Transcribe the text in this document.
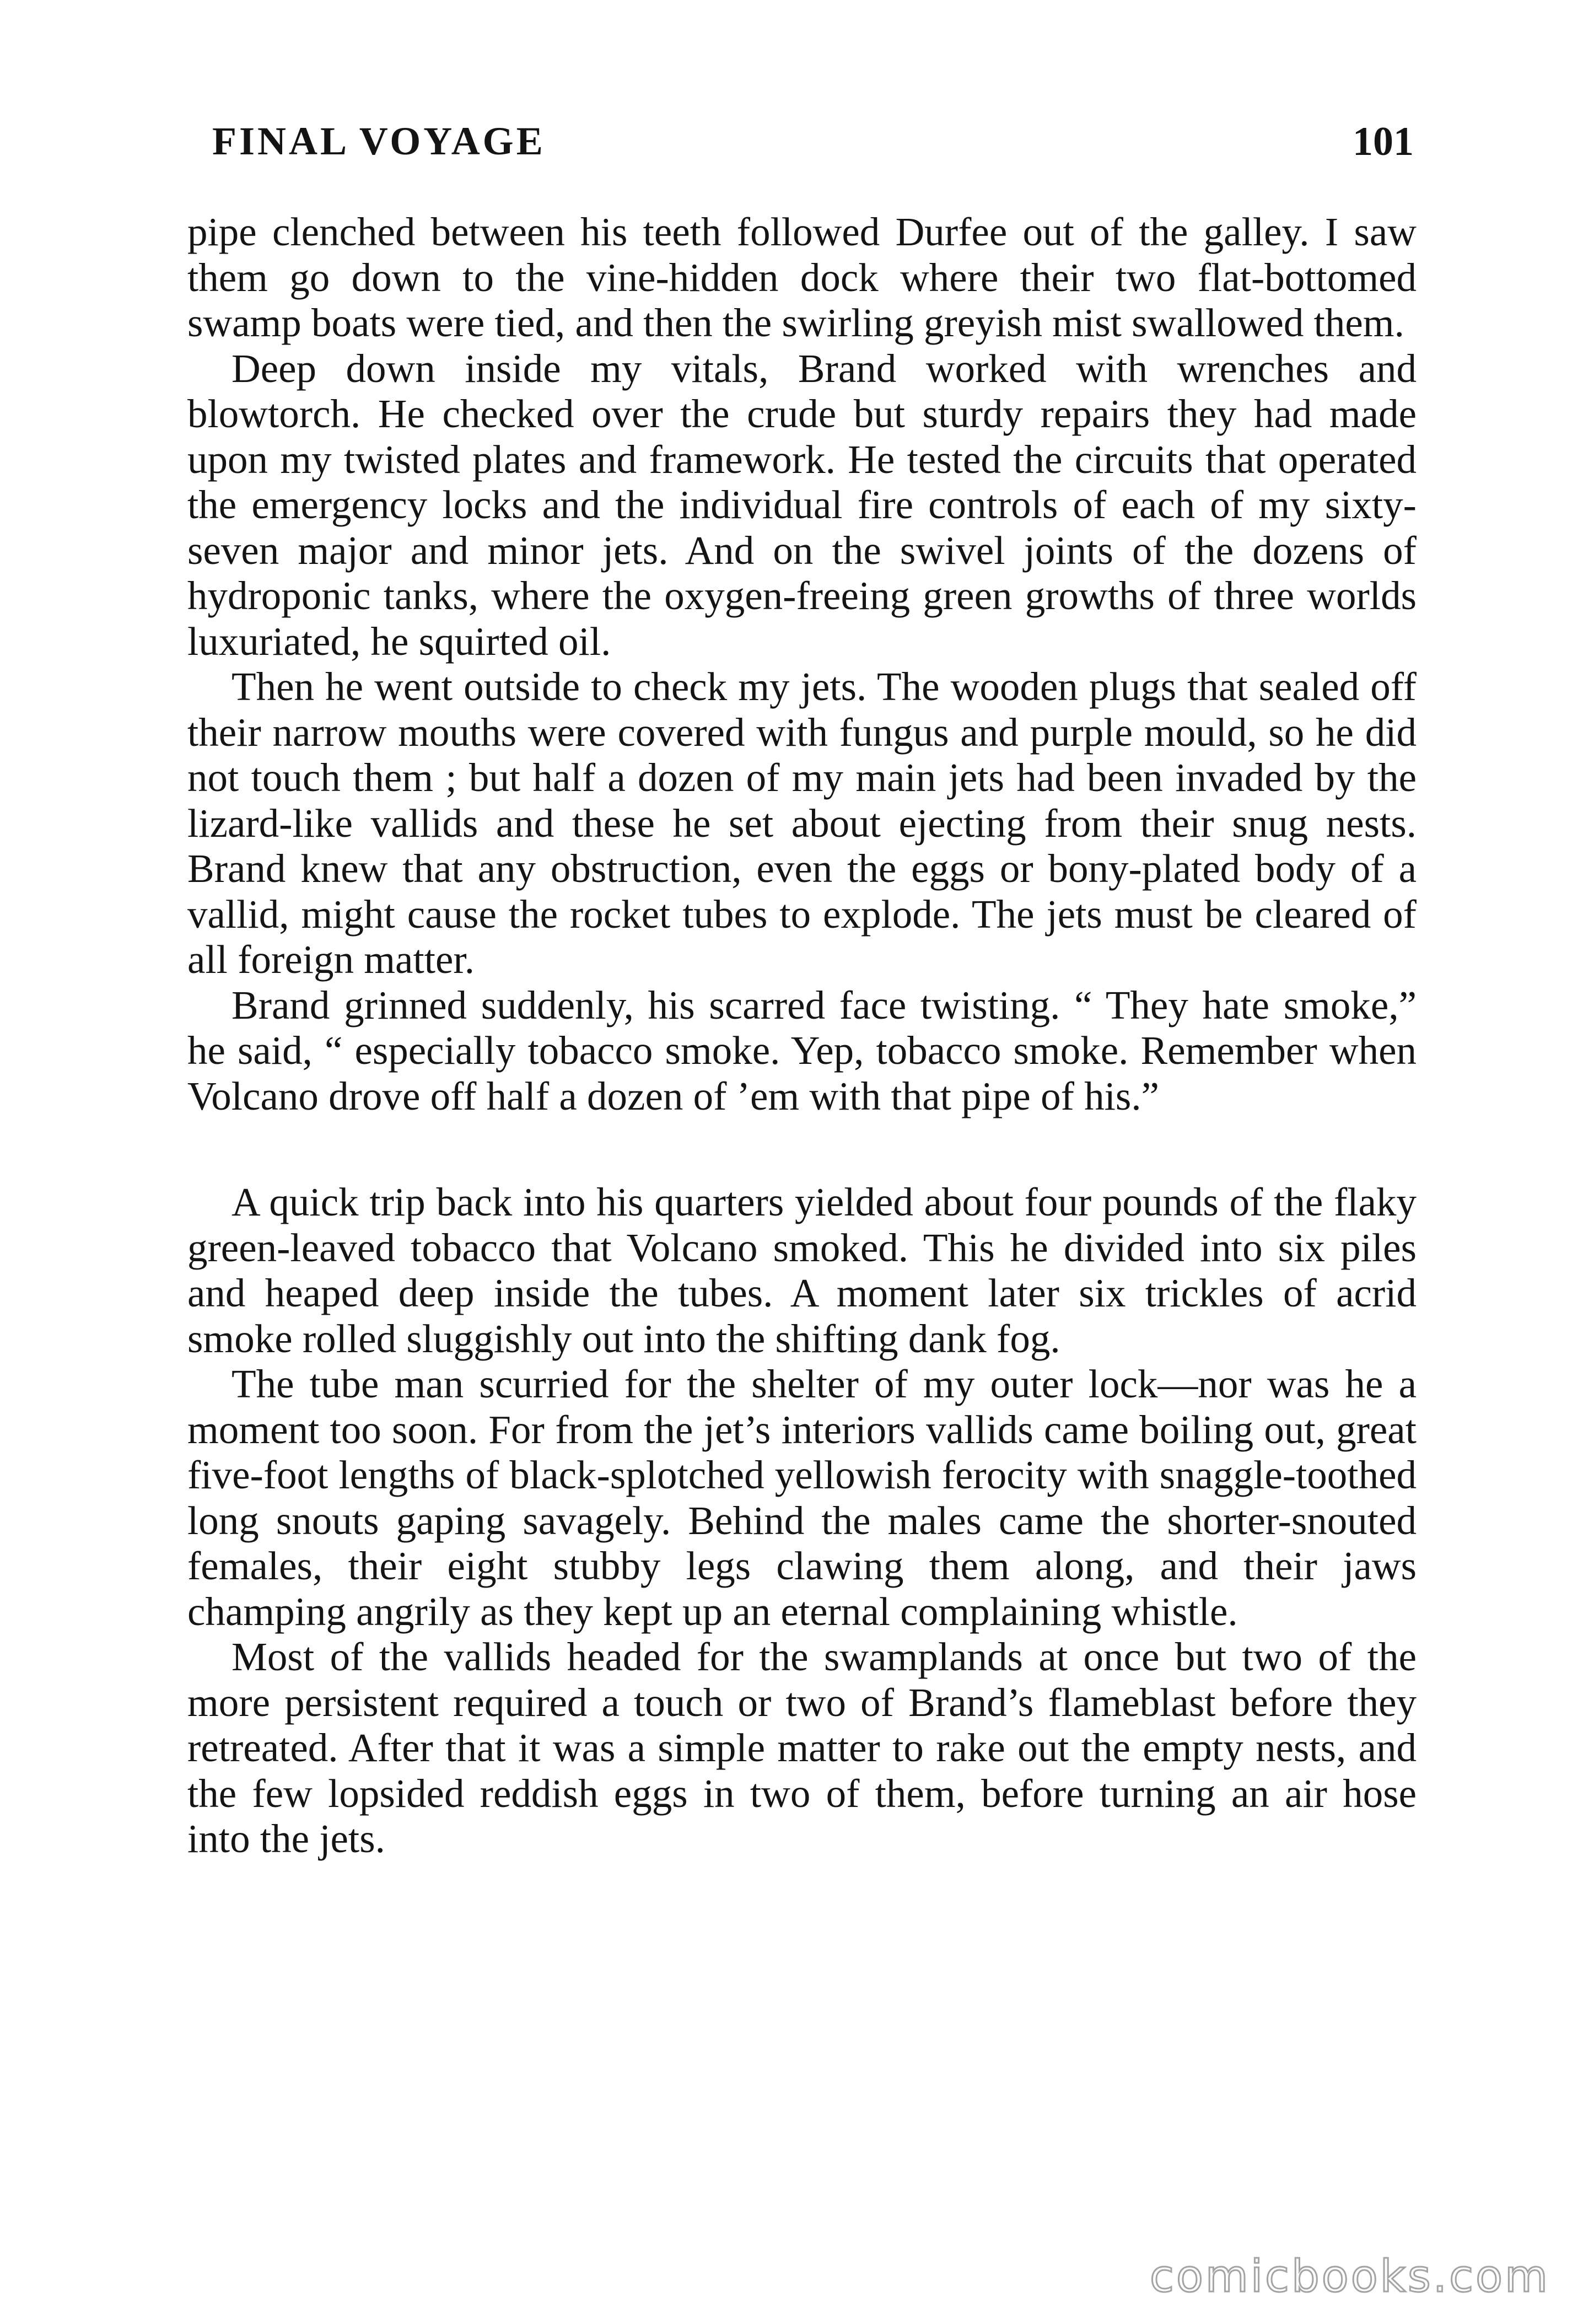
FINAL VOYAGE	101

pipe clenched between his teeth followed Durfee out of the galley. I saw them go down to the vine-hidden dock where their two flat-bottomed swamp boats were tied, and then the swirling greyish mist swallowed them.

Deep down inside my vitals, Brand worked with wrenches and blowtorch. He checked over the crude but sturdy repairs they had made upon my twisted plates and framework. He tested the circuits that operated the emergency locks and the individual fire controls of each of my sixty-seven major and minor jets. And on the swivel joints of the dozens of hydroponic tanks, where the oxygen-freeing green growths of three worlds luxuriated, he squirted oil.

Then he went outside to check my jets. The wooden plugs that sealed off their narrow mouths were covered with fungus and purple mould, so he did not touch them ; but half a dozen of my main jets had been invaded by the lizard-like vallids and these he set about ejecting from their snug nests. Brand knew that any obstruction, even the eggs or bony-plated body of a vallid, might cause the rocket tubes to explode. The jets must be cleared of all foreign matter.

Brand grinned suddenly, his scarred face twisting. “ They hate smoke,” he said, “ especially tobacco smoke. Yep, tobacco smoke. Remember when Volcano drove off half a dozen of ’em with that pipe of his.”

A quick trip back into his quarters yielded about four pounds of the flaky green-leaved tobacco that Volcano smoked. This he divided into six piles and heaped deep inside the tubes. A moment later six trickles of acrid smoke rolled sluggishly out into the shifting dank fog.

The tube man scurried for the shelter of my outer lock—nor was he a moment too soon. For from the jet’s interiors vallids came boiling out, great five-foot lengths of black-splotched yellowish ferocity with snaggle-toothed long snouts gaping savagely. Behind the males came the shorter-snouted females, their eight stubby legs clawing them along, and their jaws champing angrily as they kept up an eternal complaining whistle.

Most of the vallids headed for the swamplands at once but two of the more persistent required a touch or two of Brand’s flameblast before they retreated. After that it was a simple matter to rake out the empty nests, and the few lopsided reddish eggs in two of them, before turning an air hose into the jets.

comicbooks.com
